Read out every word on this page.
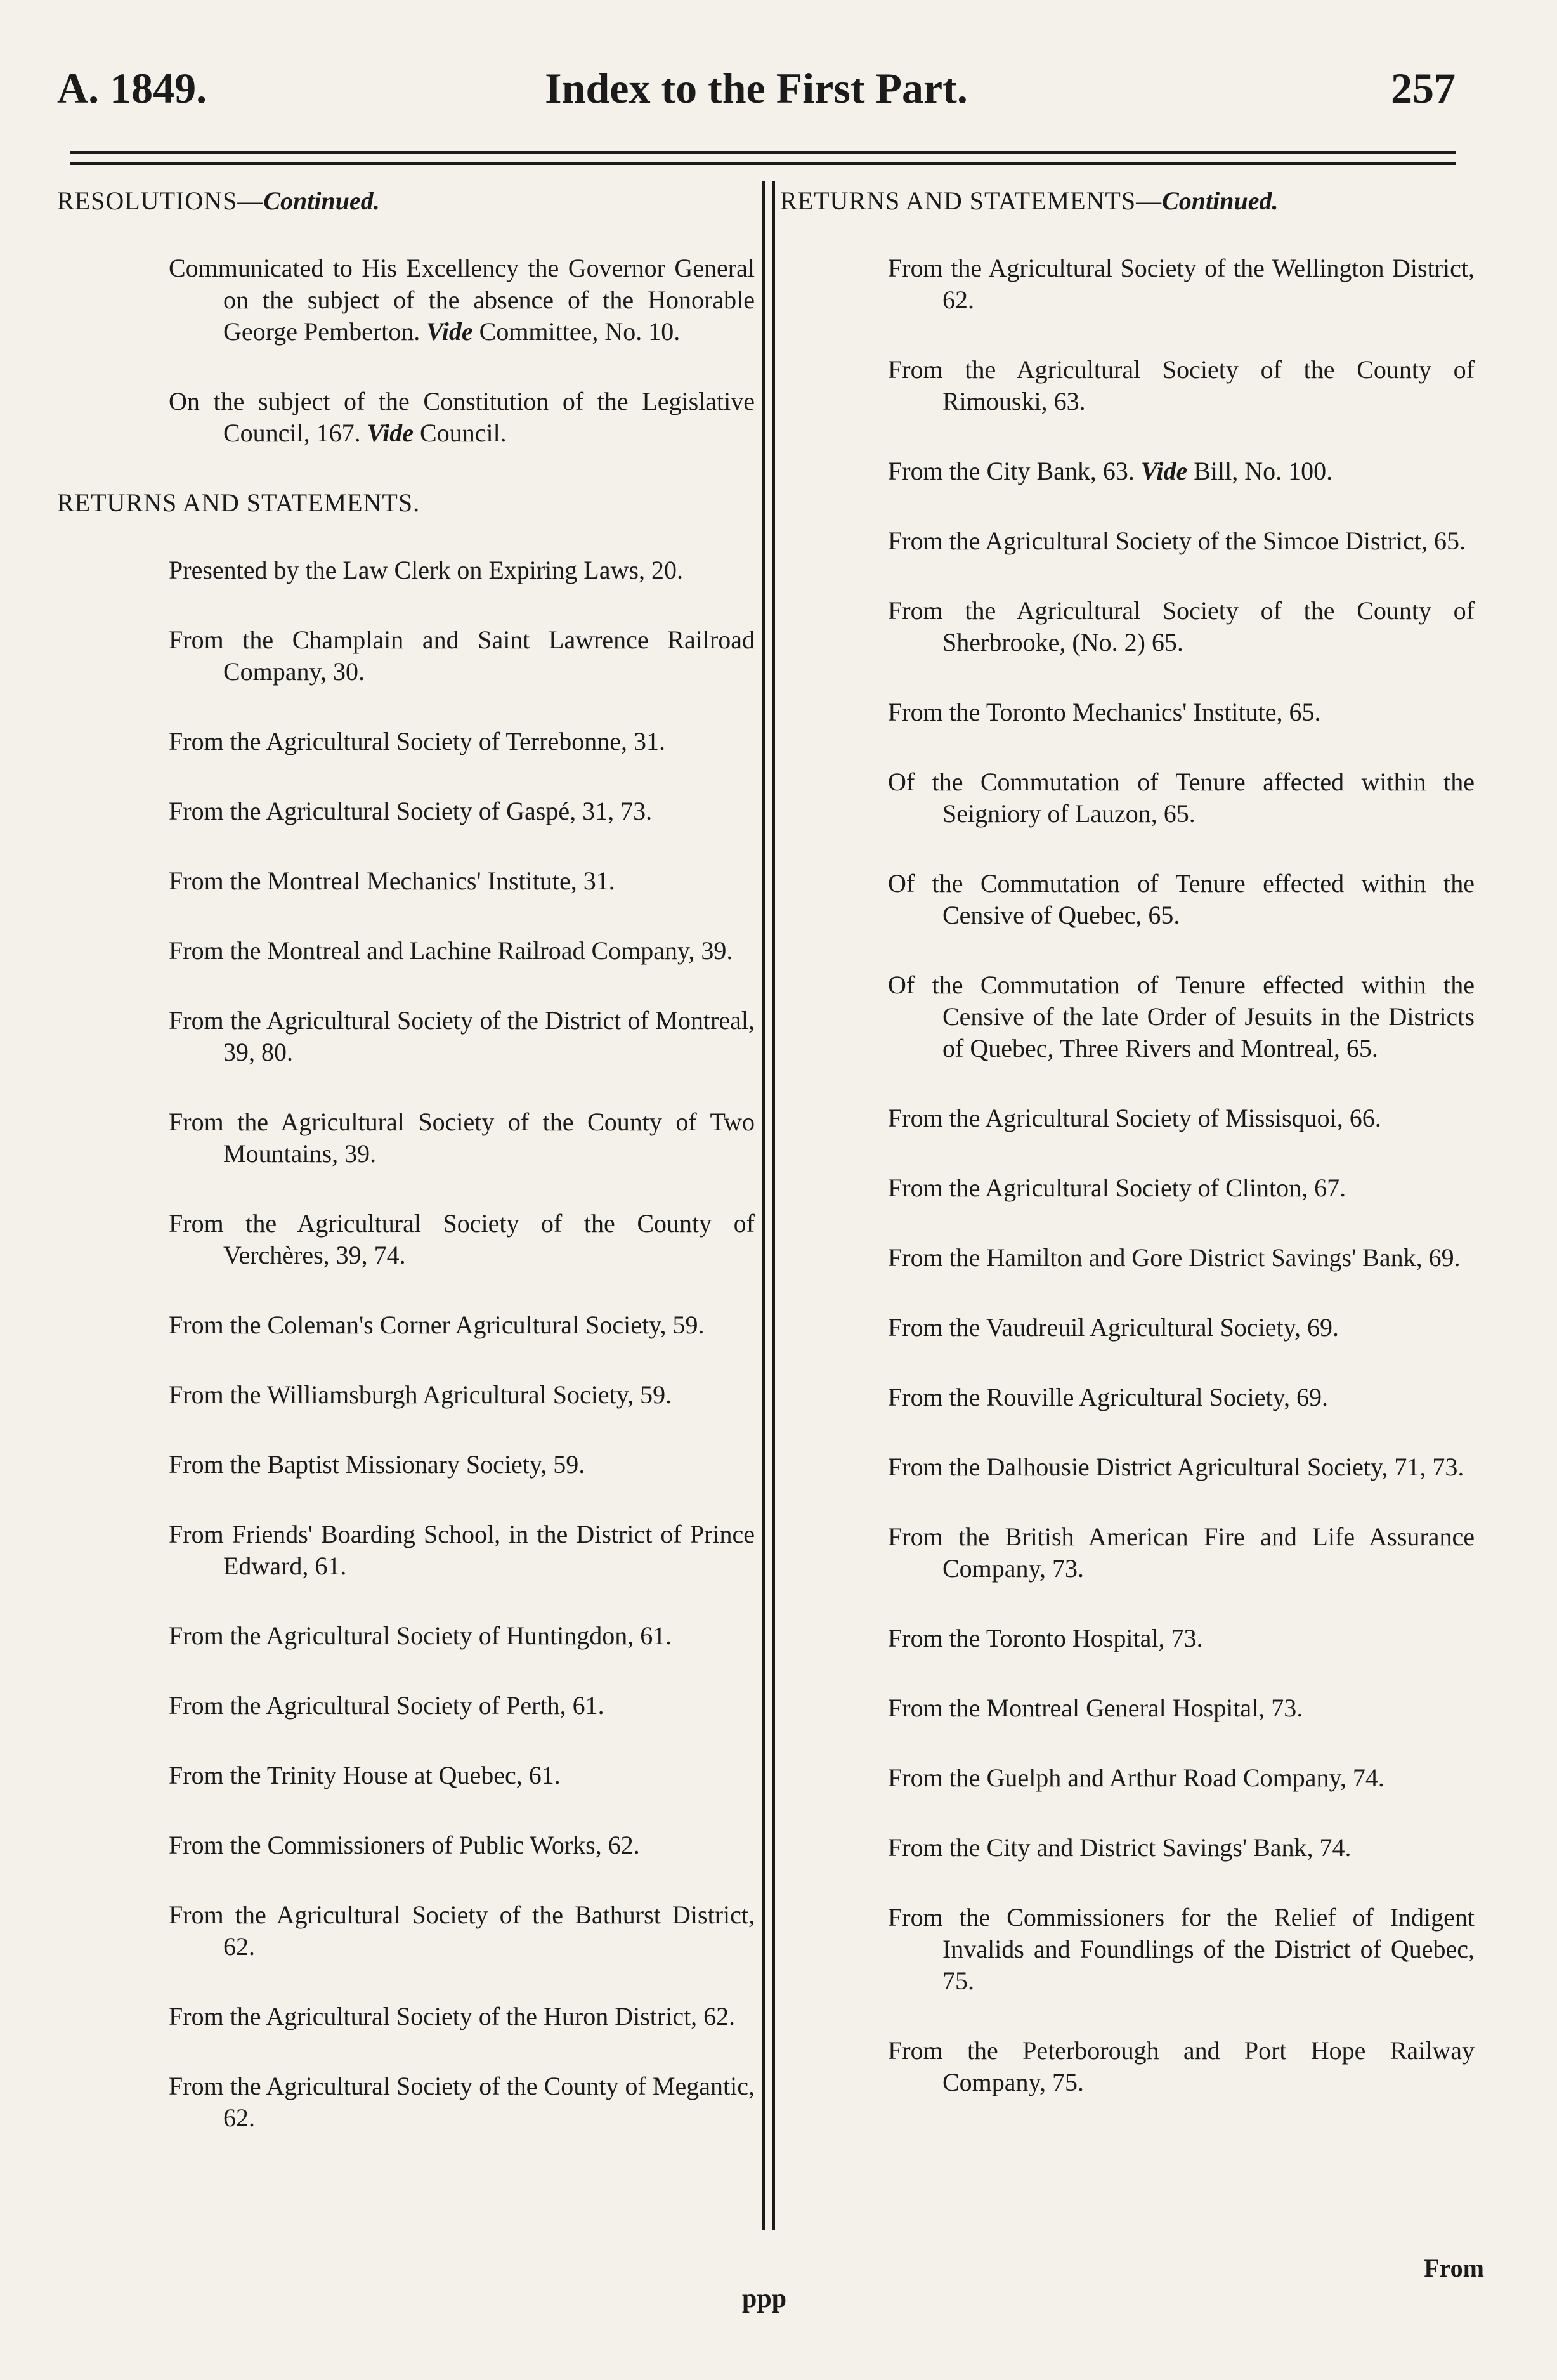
A. 1849.	Index to the First Part.	257
RESOLUTIONS—Continued.
Communicated to His Excellency the Governor General on the subject of the absence of the Honorable George Pemberton. Vide Committee, No. 10.
On the subject of the Constitution of the Legislative Council, 167. Vide Council.
RETURNS AND STATEMENTS.
Presented by the Law Clerk on Expiring Laws, 20.
From the Champlain and Saint Lawrence Railroad Company, 30.
From the Agricultural Society of Terrebonne, 31.
From the Agricultural Society of Gaspé, 31, 73.
From the Montreal Mechanics' Institute, 31.
From the Montreal and Lachine Railroad Company, 39.
From the Agricultural Society of the District of Montreal, 39, 80.
From the Agricultural Society of the County of Two Mountains, 39.
From the Agricultural Society of the County of Verchères, 39, 74.
From the Coleman's Corner Agricultural Society, 59.
From the Williamsburgh Agricultural Society, 59.
From the Baptist Missionary Society, 59.
From Friends' Boarding School, in the District of Prince Edward, 61.
From the Agricultural Society of Huntingdon, 61.
From the Agricultural Society of Perth, 61.
From the Trinity House at Quebec, 61.
From the Commissioners of Public Works, 62.
From the Agricultural Society of the Bathurst District, 62.
From the Agricultural Society of the Huron District, 62.
From the Agricultural Society of the County of Megantic, 62.
RETURNS AND STATEMENTS—Continued.
From the Agricultural Society of the Wellington District, 62.
From the Agricultural Society of the County of Rimouski, 63.
From the City Bank, 63. Vide Bill, No. 100.
From the Agricultural Society of the Simcoe District, 65.
From the Agricultural Society of the County of Sherbrooke, (No. 2) 65.
From the Toronto Mechanics' Institute, 65.
Of the Commutation of Tenure affected within the Seigniory of Lauzon, 65.
Of the Commutation of Tenure effected within the Censive of Quebec, 65.
Of the Commutation of Tenure effected within the Censive of the late Order of Jesuits in the Districts of Quebec, Three Rivers and Montreal, 65.
From the Agricultural Society of Missisquoi, 66.
From the Agricultural Society of Clinton, 67.
From the Hamilton and Gore District Savings' Bank, 69.
From the Vaudreuil Agricultural Society, 69.
From the Rouville Agricultural Society, 69.
From the Dalhousie District Agricultural Society, 71, 73.
From the British American Fire and Life Assurance Company, 73.
From the Toronto Hospital, 73.
From the Montreal General Hospital, 73.
From the Guelph and Arthur Road Company, 74.
From the City and District Savings' Bank, 74.
From the Commissioners for the Relief of Indigent Invalids and Foundlings of the District of Quebec, 75.
From the Peterborough and Port Hope Railway Company, 75.
From
ppp
